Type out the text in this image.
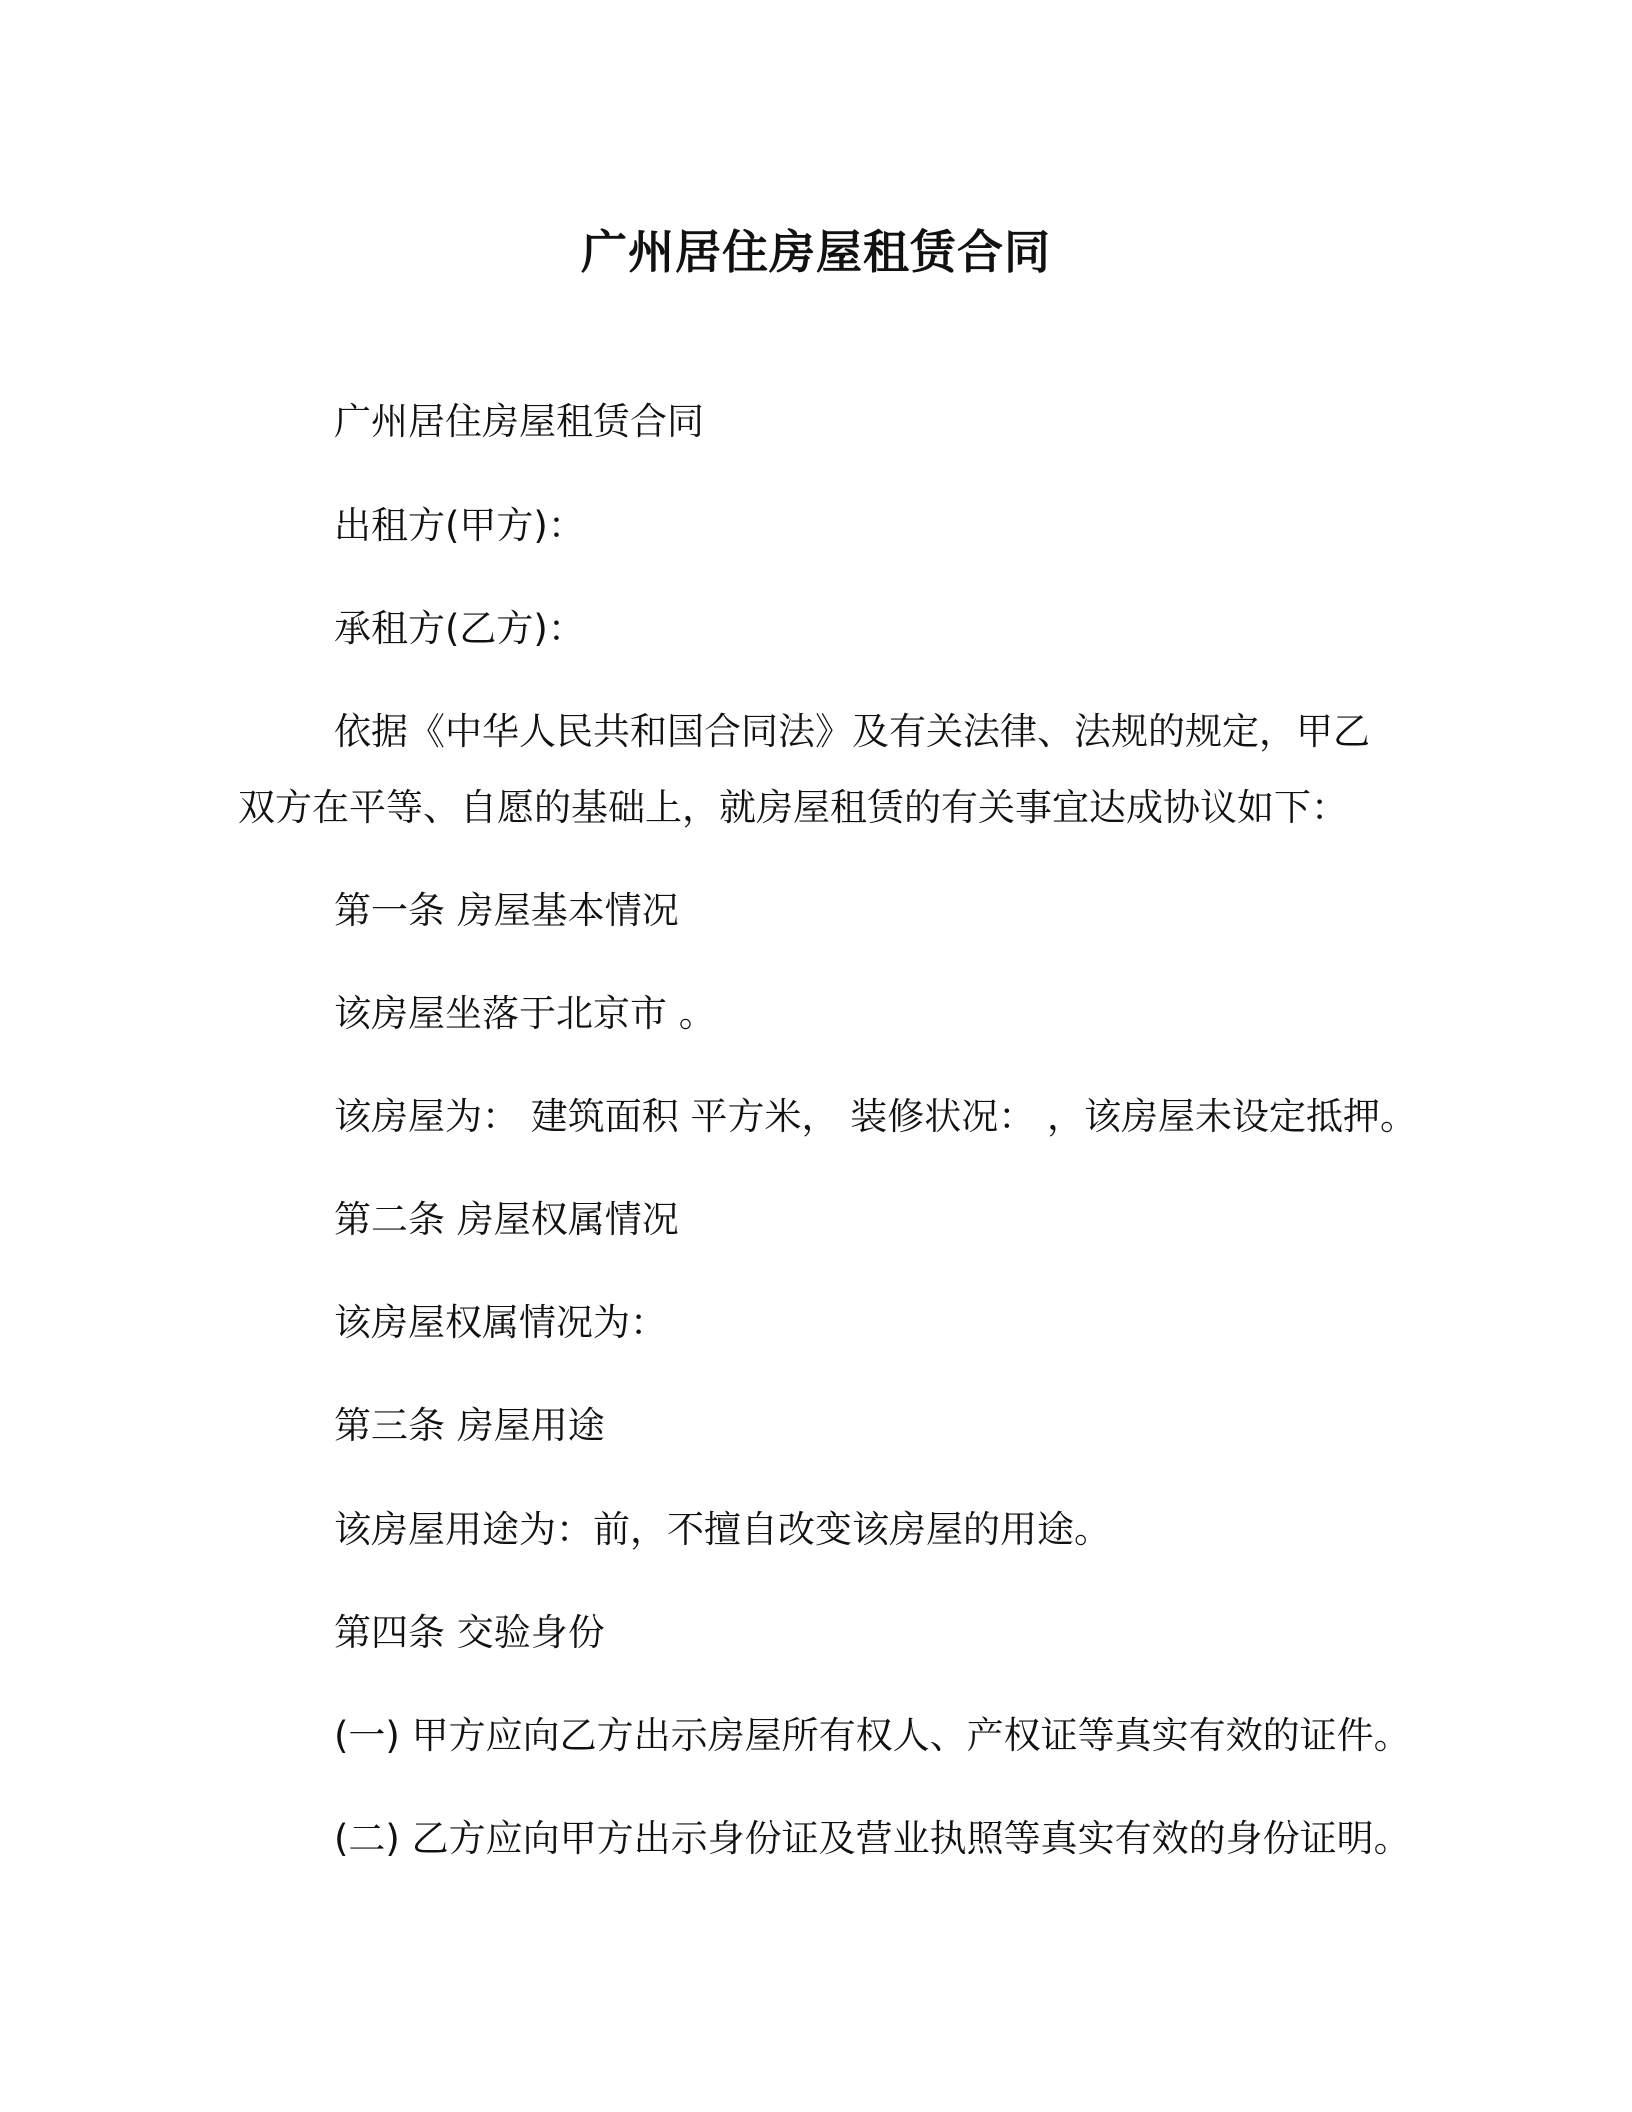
广州居住房屋租赁合同
广州居住房屋租赁合同
出租方(甲方)：
承租方(乙方)：
依据《中华人民共和国合同法》及有关法律、法规的规定，甲乙
双方在平等、自愿的基础上，就房屋租赁的有关事宜达成协议如下：
第一条 房屋基本情况
该房屋坐落于北京市 。
该房屋为： 建筑面积 平方米， 装修状况： ，该房屋未设定抵押。
第二条 房屋权属情况
该房屋权属情况为：
第三条 房屋用途
该房屋用途为：前，不擅自改变该房屋的用途。
第四条 交验身份
(一) 甲方应向乙方出示房屋所有权人、产权证等真实有效的证件。
(二) 乙方应向甲方出示身份证及营业执照等真实有效的身份证明。
